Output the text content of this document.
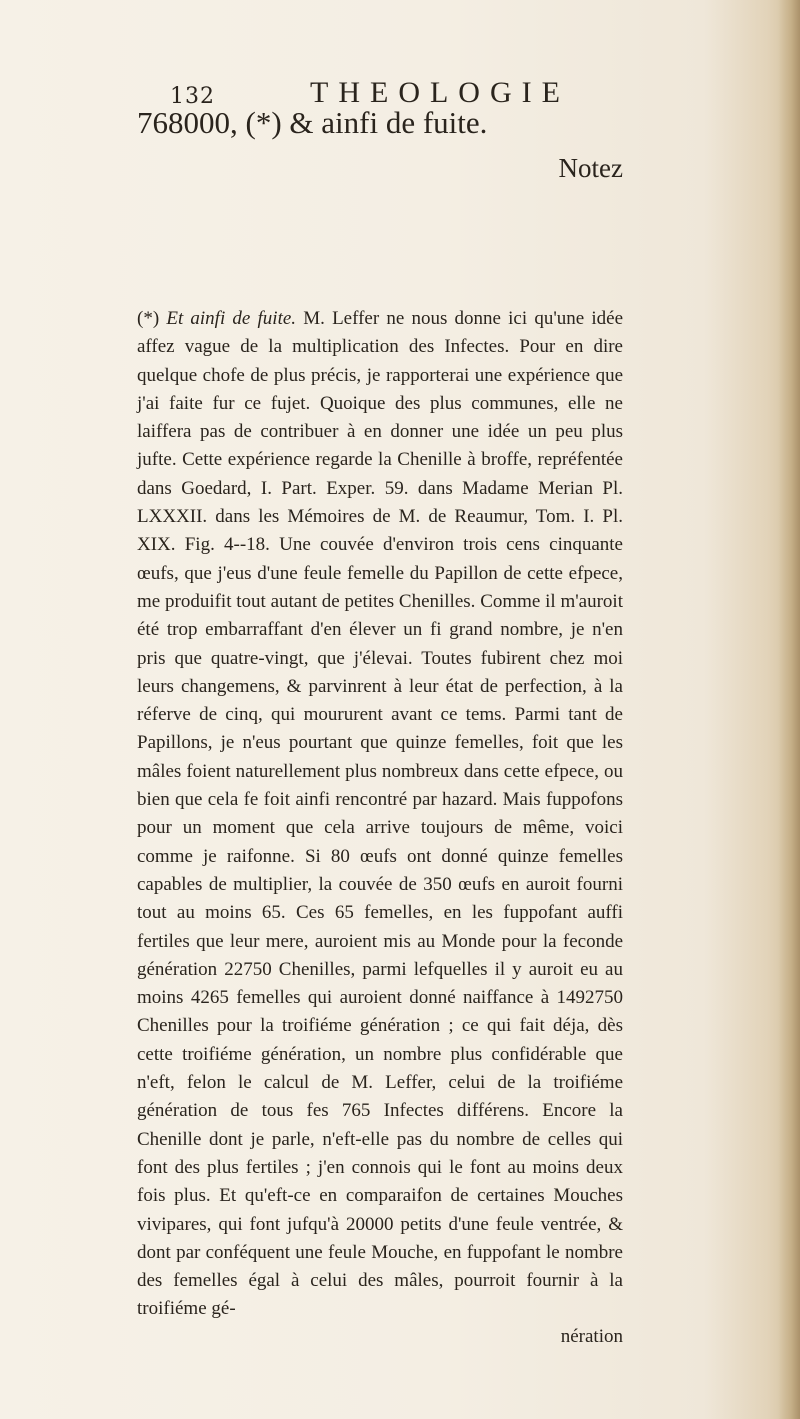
132	THEOLOGIE
768000, (*) & ainfi de fuite.
Notez
(*) Et ainfi de fuite. M. Leffer ne nous donne ici qu'une idée affez vague de la multiplication des Infectes. Pour en dire quelque chofe de plus précis, je rapporterai une expérience que j'ai faite fur ce fujet. Quoique des plus communes, elle ne laiffera pas de contribuer à en donner une idée un peu plus jufte. Cette expérience regarde la Chenille à broffe, repréfentée dans Goedard, I. Part. Exper. 59. dans Madame Merian Pl. LXXXII. dans les Mémoires de M. de Reaumur, Tom. I. Pl. XIX. Fig. 4--18. Une couvée d'environ trois cens cinquante œufs, que j'eus d'une feule femelle du Papillon de cette efpece, me produifit tout autant de petites Chenilles. Comme il m'auroit été trop embarraffant d'en élever un fi grand nombre, je n'en pris que quatre-vingt, que j'élevai. Toutes fubirent chez moi leurs changemens, & parvinrent à leur état de perfection, à la réferve de cinq, qui moururent avant ce tems. Parmi tant de Papillons, je n'eus pourtant que quinze femelles, foit que les mâles foient naturellement plus nombreux dans cette efpece, ou bien que cela fe foit ainfi rencontré par hazard. Mais fuppofons pour un moment que cela arrive toujours de même, voici comme je raifonne. Si 80 œufs ont donné quinze femelles capables de multiplier, la couvée de 350 œufs en auroit fourni tout au moins 65. Ces 65 femelles, en les fuppofant auffi fertiles que leur mere, auroient mis au Monde pour la feconde génération 22750 Chenilles, parmi lefquelles il y auroit eu au moins 4265 femelles qui auroient donné naiffance à 1492750 Chenilles pour la troifiéme génération ; ce qui fait déja, dès cette troifiéme génération, un nombre plus confidérable que n'eft, felon le calcul de M. Leffer, celui de la troifiéme génération de tous fes 765 Infectes différens. Encore la Chenille dont je parle, n'eft-elle pas du nombre de celles qui font des plus fertiles ; j'en connois qui le font au moins deux fois plus. Et qu'eft-ce en comparaifon de certaines Mouches vivipares, qui font jufqu'à 20000 petits d'une feule ventrée, & dont par conféquent une feule Mouche, en fuppofant le nombre des femelles égal à celui des mâles, pourroit fournir à la troifiéme gé-
nération
